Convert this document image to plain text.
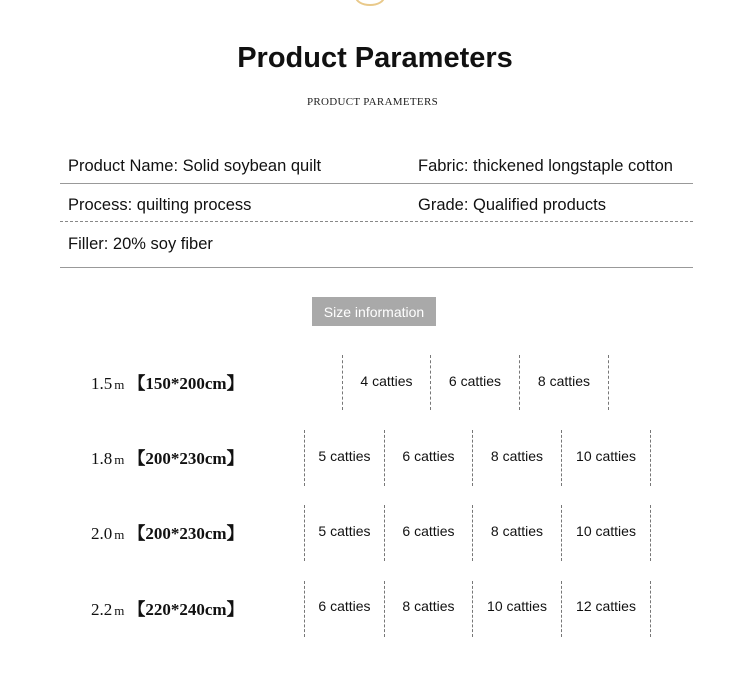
Product Parameters
PRODUCT PARAMETERS
Product Name: Solid soybean quilt	Fabric: thickened longstaple cotton
Process: quilting process	Grade: Qualified products
Filler: 20% soy fiber
Size information
1.5 m 【150*200cm】	4 catties	6 catties	8 catties
1.8 m 【200*230cm】	5 catties	6 catties	8 catties	10 catties
2.0 m 【200*230cm】	5 catties	6 catties	8 catties	10 catties
2.2 m 【220*240cm】	6 catties	8 catties	10 catties	12 catties
